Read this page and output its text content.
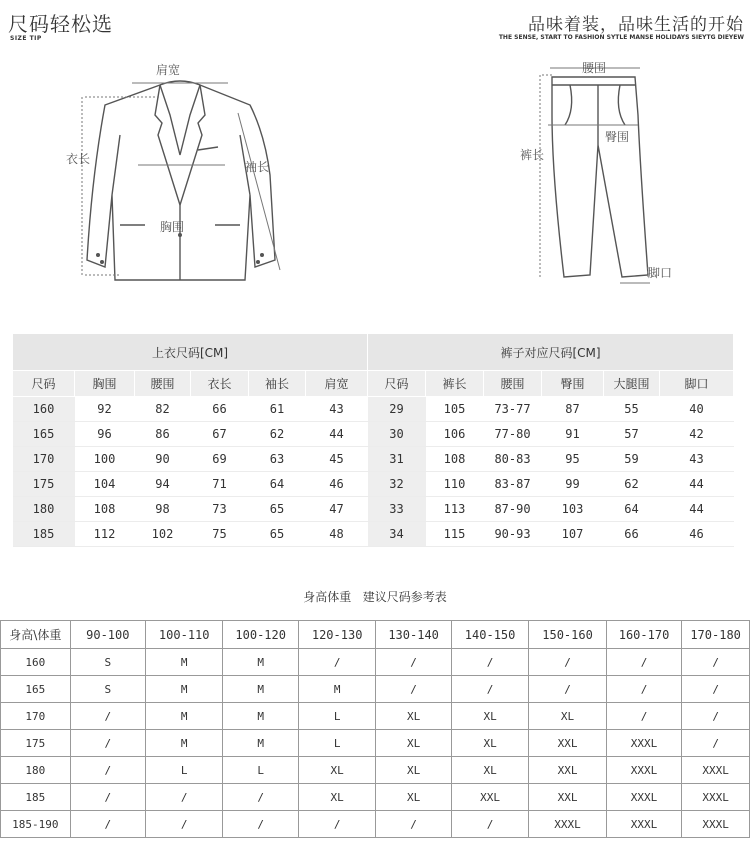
尺码轻松选
SIZE TIP
品味着装，品味生活的开始
THE SENSE, START TO FASHION SYTLE MANSE HOLIDAYS SIEYTG DIEYEW
肩宽
衣长
袖长
胸围
腰围
臀围
裤长
脚口
上衣尺码[CM]						裤子对应尺码[CM]					
尺码	胸围	腰围	衣长	袖长	肩宽	尺码	裤长	腰围	臀围	大腿围	脚口
160	92	82	66	61	43	29	105	73-77	87	55	40
165	96	86	67	62	44	30	106	77-80	91	57	42
170	100	90	69	63	45	31	108	80-83	95	59	43
175	104	94	71	64	46	32	110	83-87	99	62	44
180	108	98	73	65	47	33	113	87-90	103	64	44
185	112	102	75	65	48	34	115	90-93	107	66	46
身高体重   建议尺码参考表
身高\体重	90-100	100-110	100-120	120-130	130-140	140-150	150-160	160-170	170-180
160	S	M	M	/	/	/	/	/	/
165	S	M	M	M	/	/	/	/	/
170	/	M	M	L	XL	XL	XL	/	/
175	/	M	M	L	XL	XL	XXL	XXXL	/
180	/	L	L	XL	XL	XL	XXL	XXXL	XXXL
185	/	/	/	XL	XL	XXL	XXL	XXXL	XXXL
185-190	/	/	/	/	/	/	XXXL	XXXL	XXXL
